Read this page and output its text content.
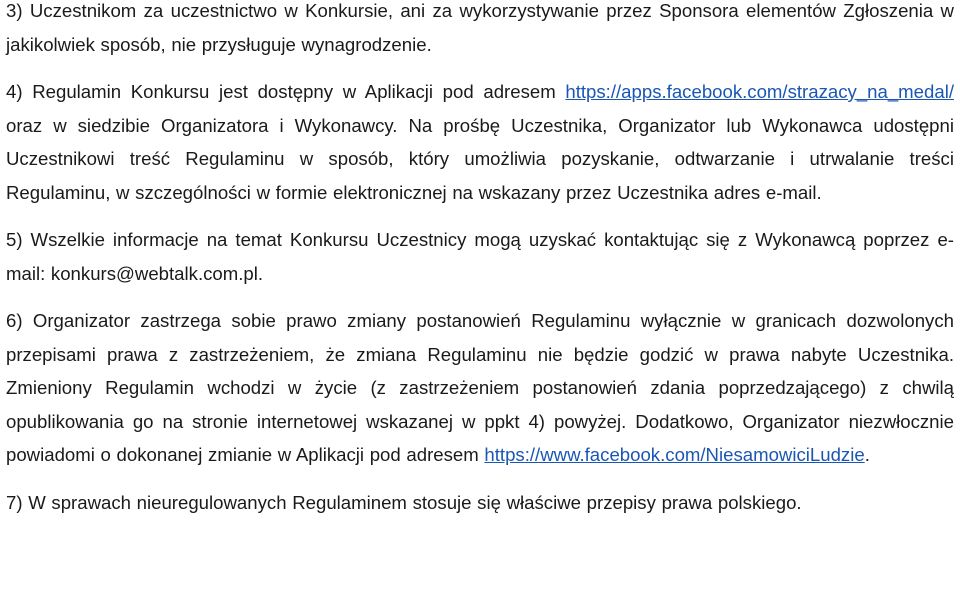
3) Uczestnikom za uczestnictwo w Konkursie, ani za wykorzystywanie przez Sponsora elementów Zgłoszenia w jakikolwiek sposób, nie przysługuje wynagrodzenie.

4) Regulamin Konkursu jest dostępny w Aplikacji pod adresem https://apps.facebook.com/strazacy_na_medal/ oraz w siedzibie Organizatora i Wykonawcy. Na prośbę Uczestnika, Organizator lub Wykonawca udostępni Uczestnikowi treść Regulaminu w sposób, który umożliwia pozyskanie, odtwarzanie i utrwalanie treści Regulaminu, w szczególności w formie elektronicznej na wskazany przez Uczestnika adres e-mail.

5) Wszelkie informacje na temat Konkursu Uczestnicy mogą uzyskać kontaktując się z Wykonawcą poprzez e-mail: konkurs@webtalk.com.pl.

6) Organizator zastrzega sobie prawo zmiany postanowień Regulaminu wyłącznie w granicach dozwolonych przepisami prawa z zastrzeżeniem, że zmiana Regulaminu nie będzie godzić w prawa nabyte Uczestnika. Zmieniony Regulamin wchodzi w życie (z zastrzeżeniem postanowień zdania poprzedzającego) z chwilą opublikowania go na stronie internetowej wskazanej w ppkt 4) powyżej. Dodatkowo, Organizator niezwłocznie powiadomi o dokonanej zmianie w Aplikacji pod adresem https://www.facebook.com/NiesamowiciLudzie.

7) W sprawach nieuregulowanych Regulaminem stosuje się właściwe przepisy prawa polskiego.
